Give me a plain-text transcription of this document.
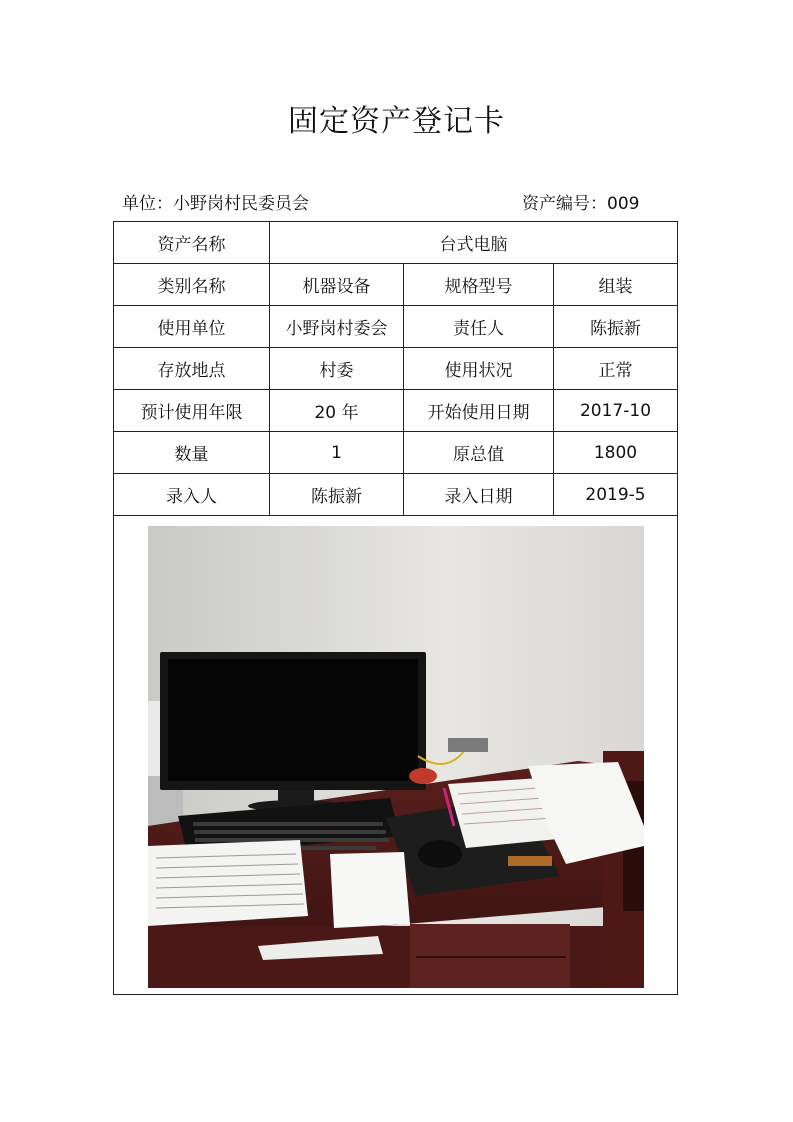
固定资产登记卡
单位：小野岗村民委员会	资产编号：009
资产名称	台式电脑		
类别名称	机器设备	规格型号	组装
使用单位	小野岗村委会	责任人	陈振新
存放地点	村委	使用状况	正常
预计使用年限	20 年	开始使用日期	2017-10
数量	1	原总值	1800
录入人	陈振新	录入日期	2019-5
